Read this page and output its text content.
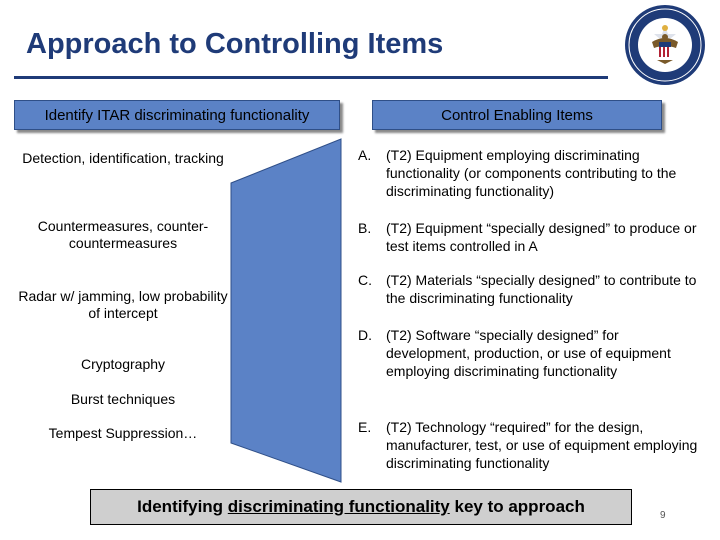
Approach to Controlling Items
Identify ITAR discriminating functionality	Control Enabling Items
Detection, identification, tracking
Countermeasures, counter-countermeasures
Radar w/ jamming, low probability of intercept
Cryptography
Burst techniques
Tempest Suppression…
A.	(T2) Equipment employing discriminating functionality (or components contributing to the discriminating functionality)
B.	(T2) Equipment “specially designed” to produce or test items controlled in A
C.	(T2) Materials “specially designed” to contribute to the discriminating functionality
D.	(T2) Software “specially designed” for development, production, or use of equipment employing discriminating functionality
E.	(T2) Technology “required” for the design, manufacturer, test, or use of equipment employing discriminating functionality
Identifying discriminating functionality key to approach	9
